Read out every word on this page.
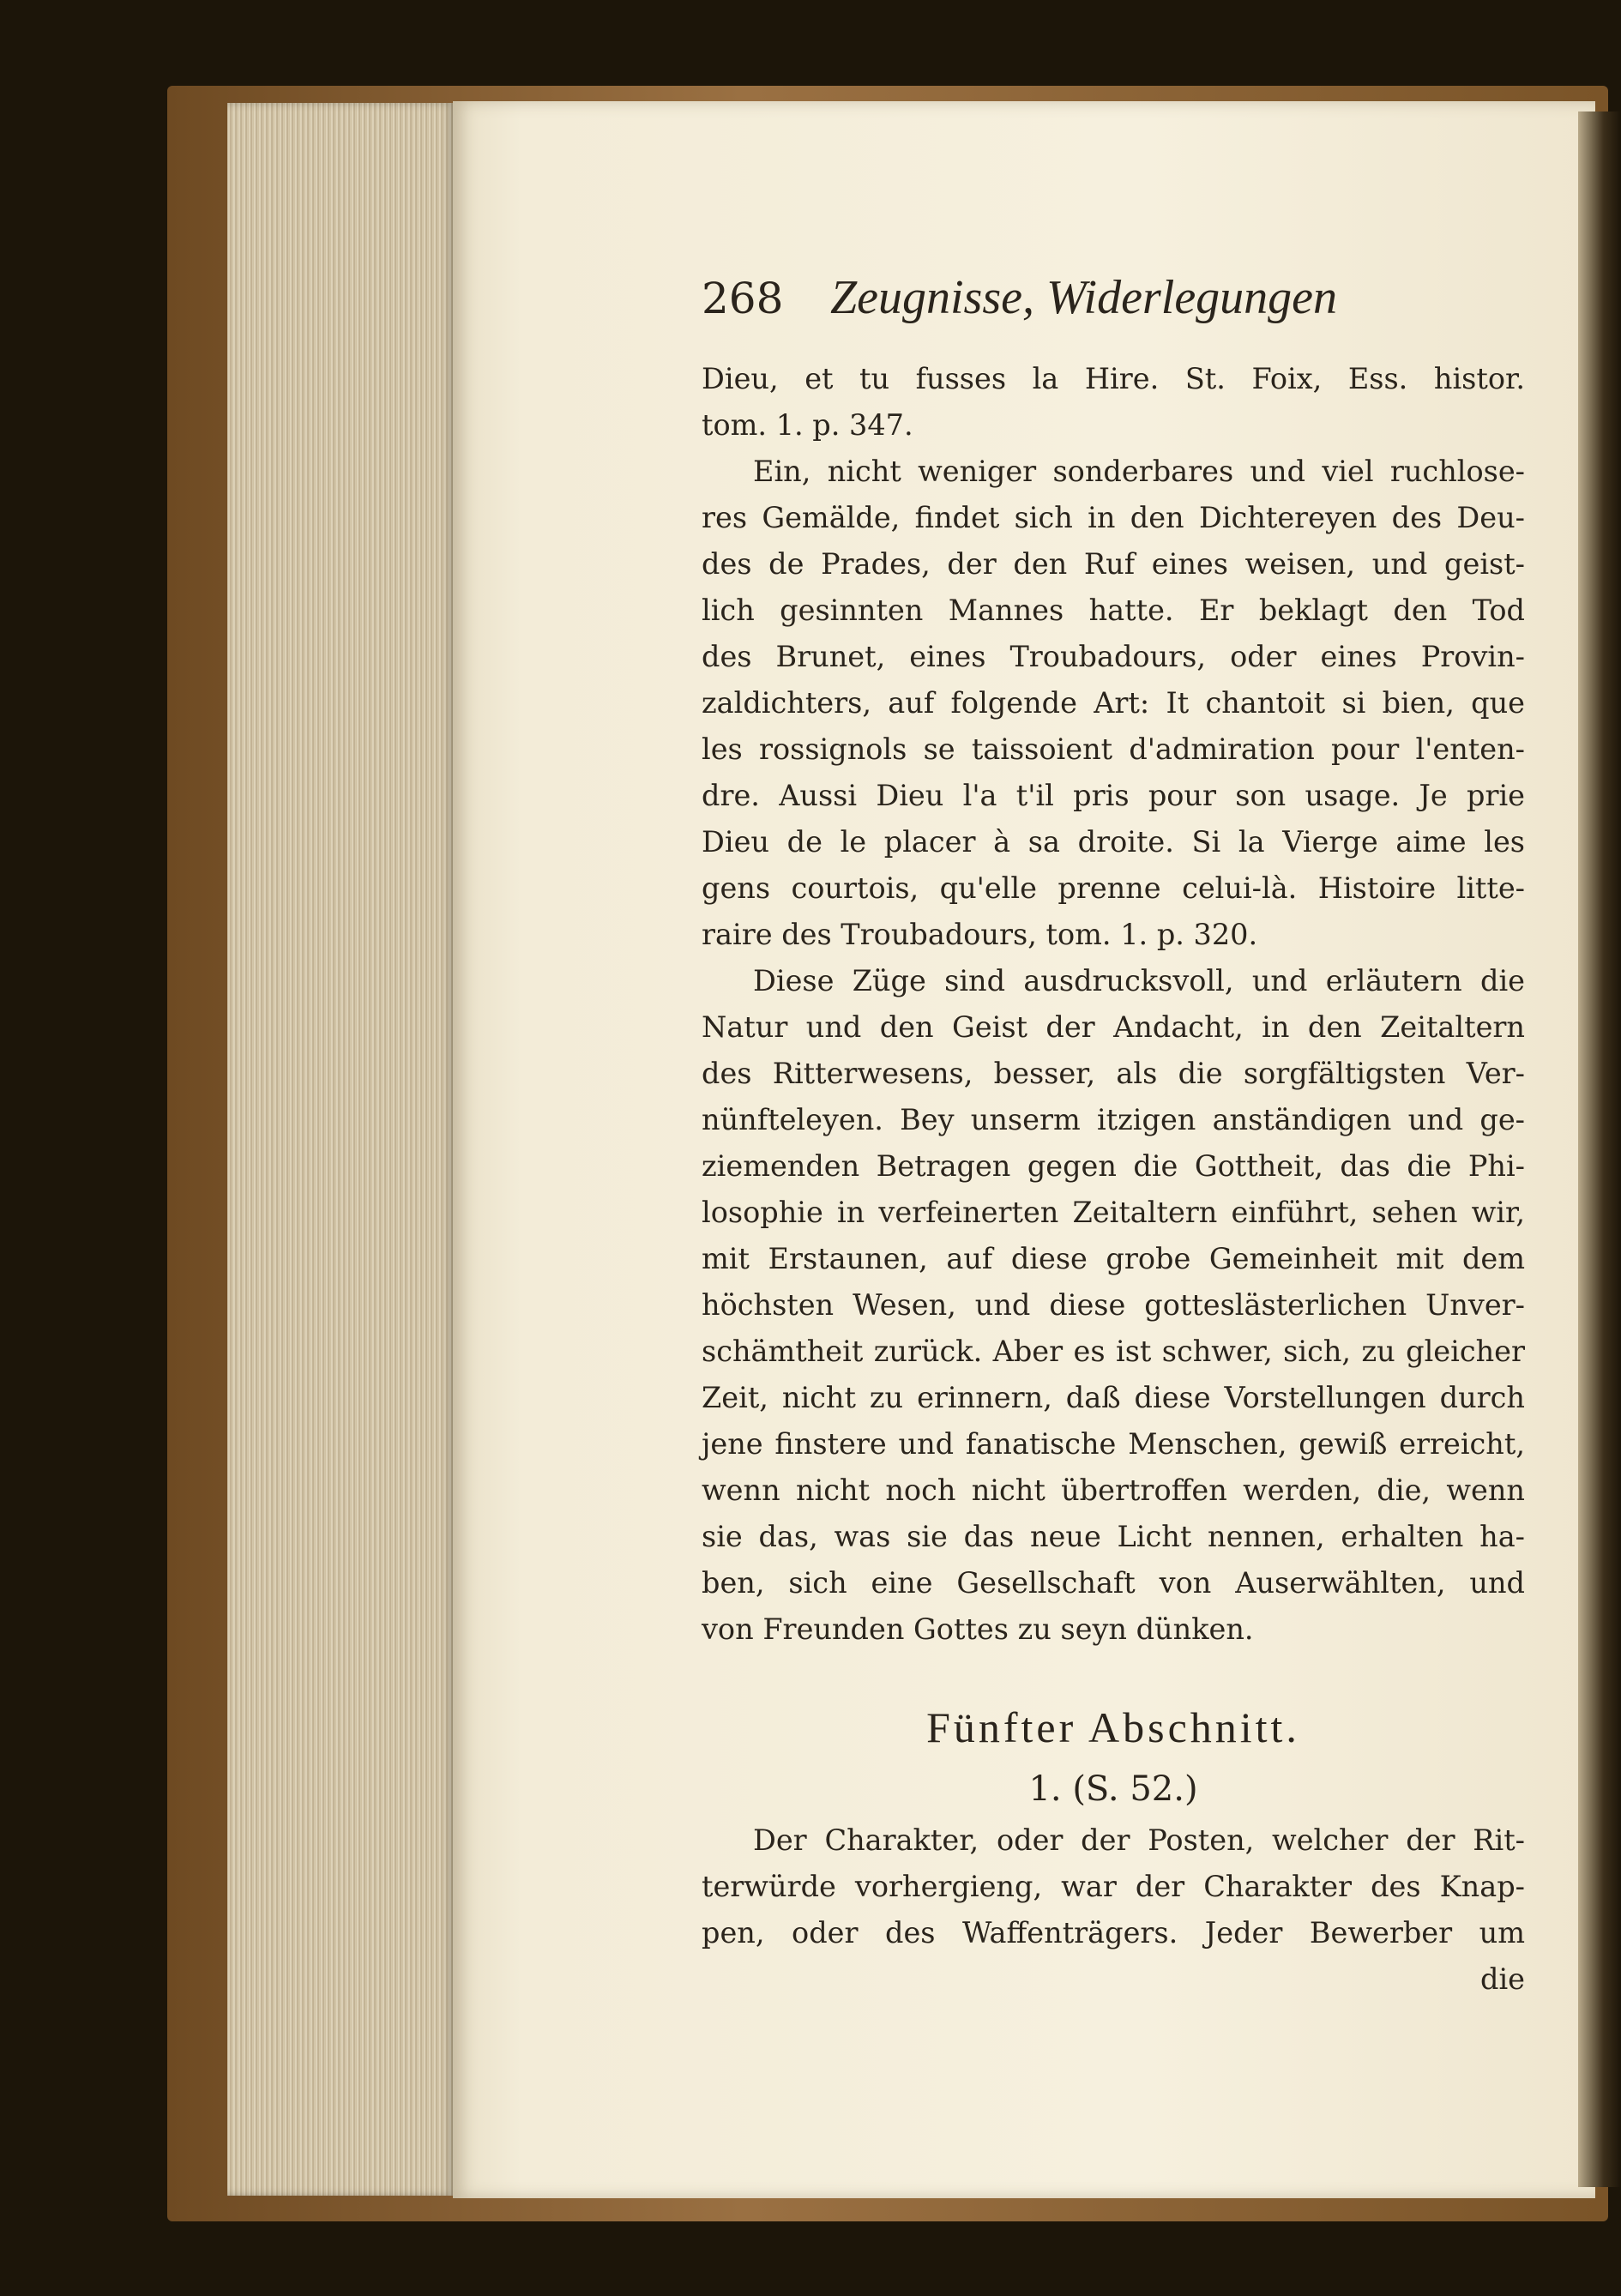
268 Zeugnisse, Widerlegungen
Dieu, et tu fusses la Hire. St. Foix, Ess. histor.
tom. 1. p. 347.
Ein, nicht weniger sonderbares und viel ruchlose-
res Gemälde, findet sich in den Dichtereyen des Deu-
des de Prades, der den Ruf eines weisen, und geist-
lich gesinnten Mannes hatte. Er beklagt den Tod
des Brunet, eines Troubadours, oder eines Provin-
zaldichters, auf folgende Art: It chantoit si bien, que
les rossignols se taissoient d'admiration pour l'enten-
dre. Aussi Dieu l'a t'il pris pour son usage. Je prie
Dieu de le placer à sa droite. Si la Vierge aime les
gens courtois, qu'elle prenne celui-là. Histoire litte-
raire des Troubadours, tom. 1. p. 320.
Diese Züge sind ausdrucksvoll, und erläutern die
Natur und den Geist der Andacht, in den Zeitaltern
des Ritterwesens, besser, als die sorgfältigsten Ver-
nünfteleyen. Bey unserm itzigen anständigen und ge-
ziemenden Betragen gegen die Gottheit, das die Phi-
losophie in verfeinerten Zeitaltern einführt, sehen wir,
mit Erstaunen, auf diese grobe Gemeinheit mit dem
höchsten Wesen, und diese gotteslästerlichen Unver-
schämtheit zurück. Aber es ist schwer, sich, zu gleicher
Zeit, nicht zu erinnern, daß diese Vorstellungen durch
jene finstere und fanatische Menschen, gewiß erreicht,
wenn nicht noch nicht übertroffen werden, die, wenn
sie das, was sie das neue Licht nennen, erhalten ha-
ben, sich eine Gesellschaft von Auserwählten, und
von Freunden Gottes zu seyn dünken.
Fünfter Abschnitt.
1. (S. 52.)
Der Charakter, oder der Posten, welcher der Rit-
terwürde vorhergieng, war der Charakter des Knap-
pen, oder des Waffenträgers. Jeder Bewerber um
die
